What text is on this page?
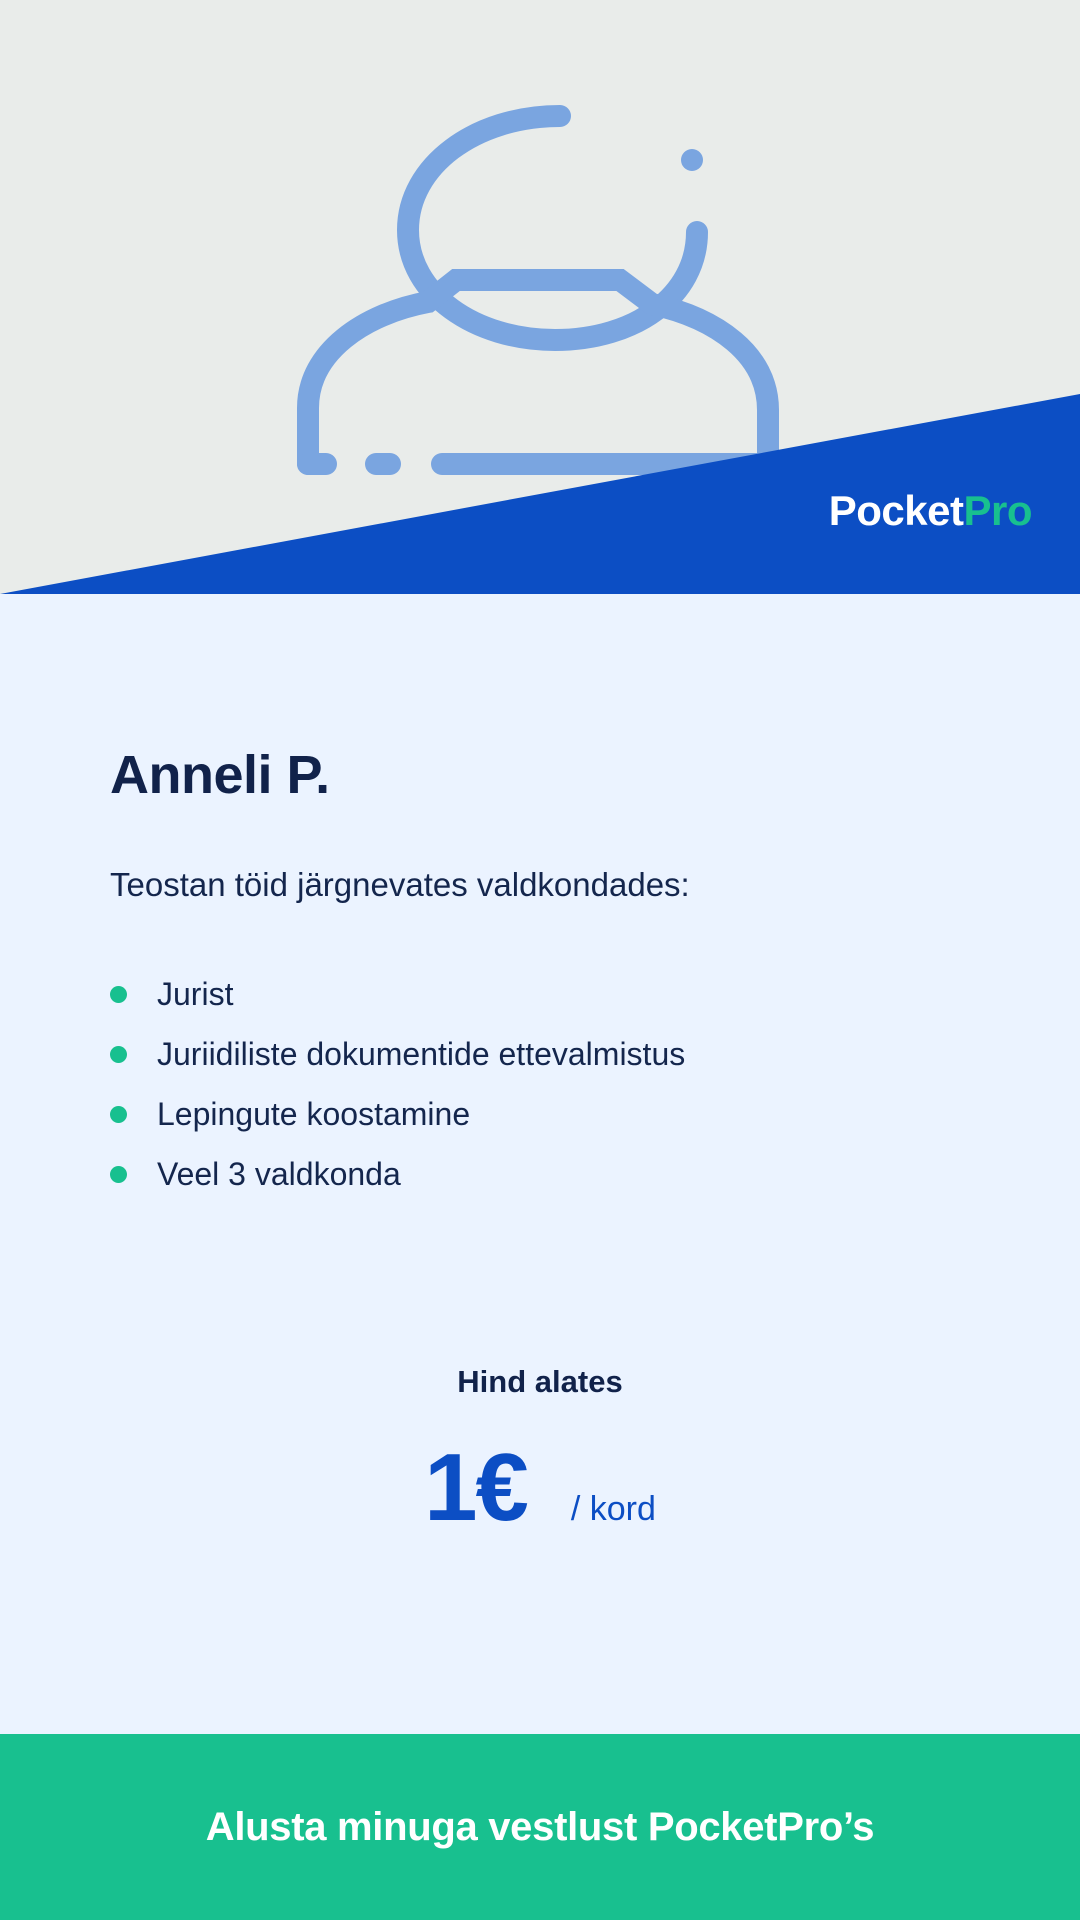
PocketPro
Anneli P.
Teostan töid järgnevates valdkondades:
Jurist
Juriidiliste dokumentide ettevalmistus
Lepingute koostamine
Veel 3 valdkonda
Hind alates
1€ / kord
Alusta minuga vestlust PocketPro’s
